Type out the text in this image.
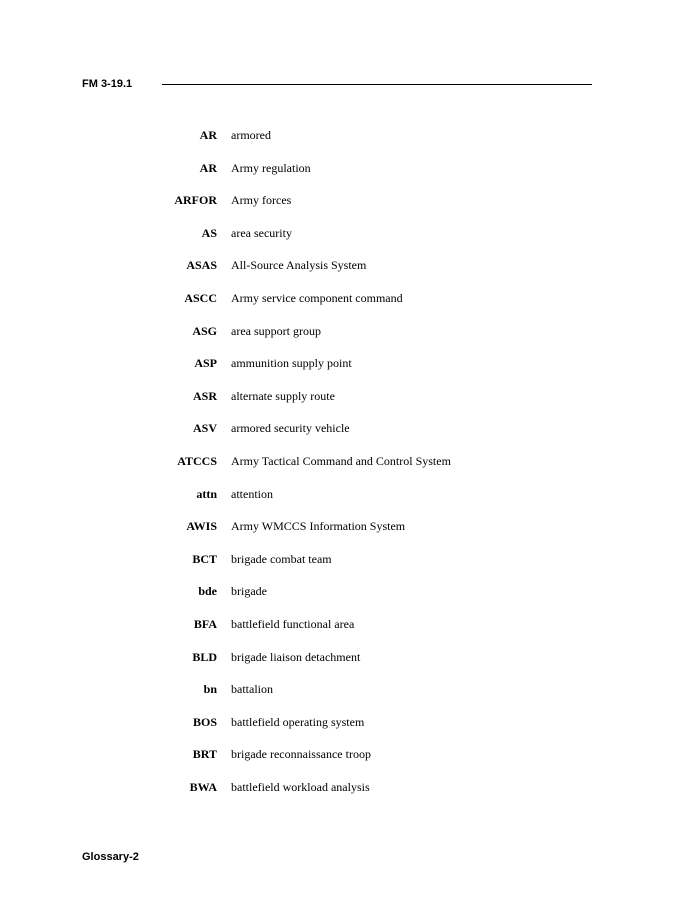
FM 3-19.1

AR armored
AR Army regulation
ARFOR Army forces
AS area security
ASAS All-Source Analysis System
ASCC Army service component command
ASG area support group
ASP ammunition supply point
ASR alternate supply route
ASV armored security vehicle
ATCCS Army Tactical Command and Control System
attn attention
AWIS Army WMCCS Information System
BCT brigade combat team
bde brigade
BFA battlefield functional area
BLD brigade liaison detachment
bn battalion
BOS battlefield operating system
BRT brigade reconnaissance troop
BWA battlefield workload analysis

Glossary-2
